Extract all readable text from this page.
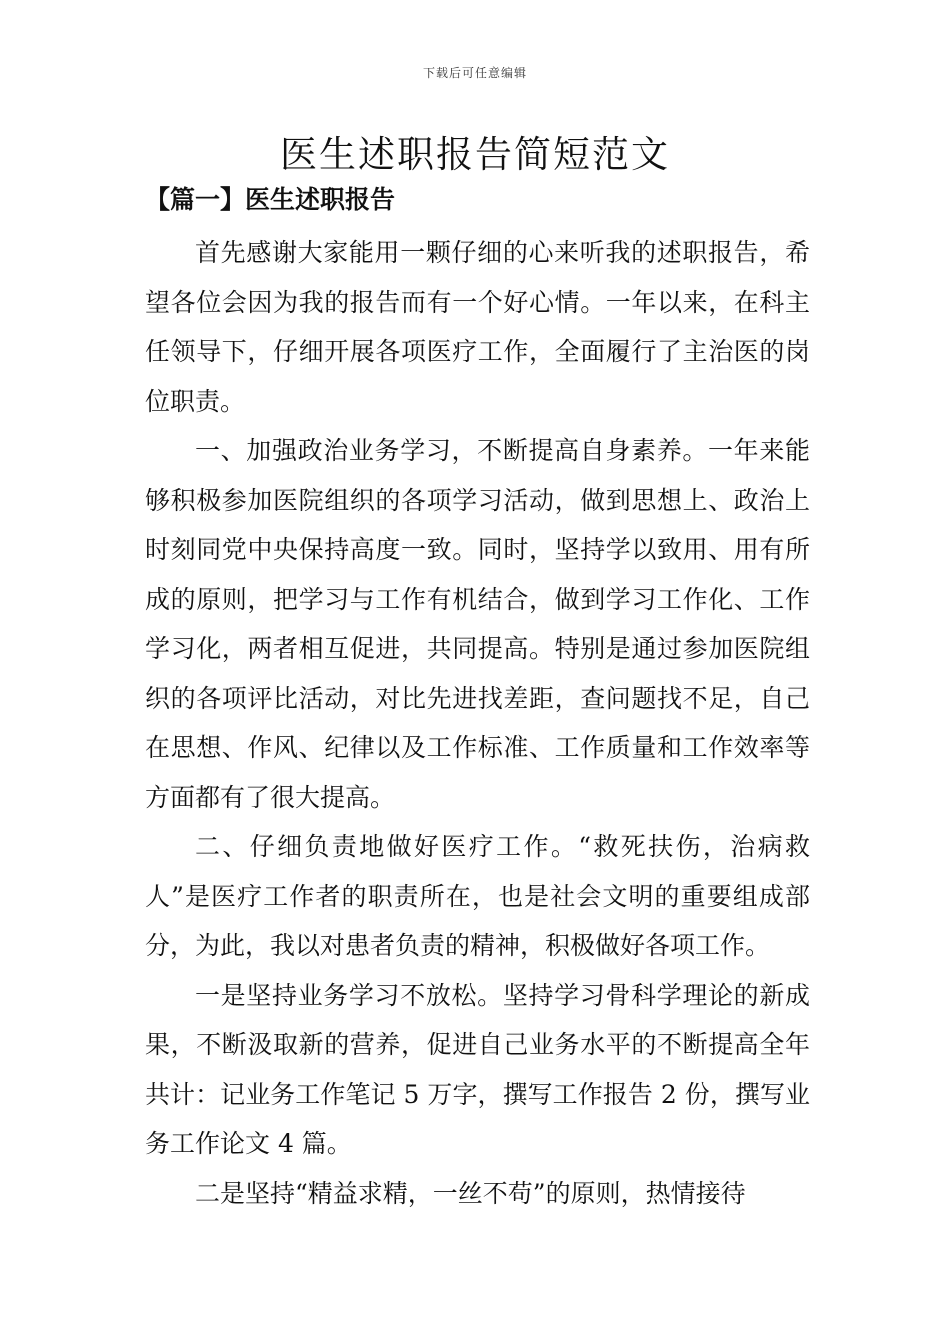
下载后可任意编辑
医生述职报告简短范文
【篇一】医生述职报告

首先感谢大家能用一颗仔细的心来听我的述职报告，希望各位会因为我的报告而有一个好心情。一年以来，在科主任领导下，仔细开展各项医疗工作，全面履行了主治医的岗位职责。

一、加强政治业务学习，不断提高自身素养。一年来能够积极参加医院组织的各项学习活动，做到思想上、政治上时刻同党中央保持高度一致。同时，坚持学以致用、用有所成的原则，把学习与工作有机结合，做到学习工作化、工作学习化，两者相互促进，共同提高。特别是通过参加医院组织的各项评比活动，对比先进找差距，查问题找不足，自己在思想、作风、纪律以及工作标准、工作质量和工作效率等方面都有了很大提高。

二、仔细负责地做好医疗工作。“救死扶伤，治病救人”是医疗工作者的职责所在，也是社会文明的重要组成部分，为此，我以对患者负责的精神，积极做好各项工作。

一是坚持业务学习不放松。坚持学习骨科学理论的新成果，不断汲取新的营养，促进自己业务水平的不断提高全年共计：记业务工作笔记 5 万字，撰写工作报告 2 份，撰写业务工作论文 4 篇。

二是坚持“精益求精，一丝不苟”的原则，热情接待
